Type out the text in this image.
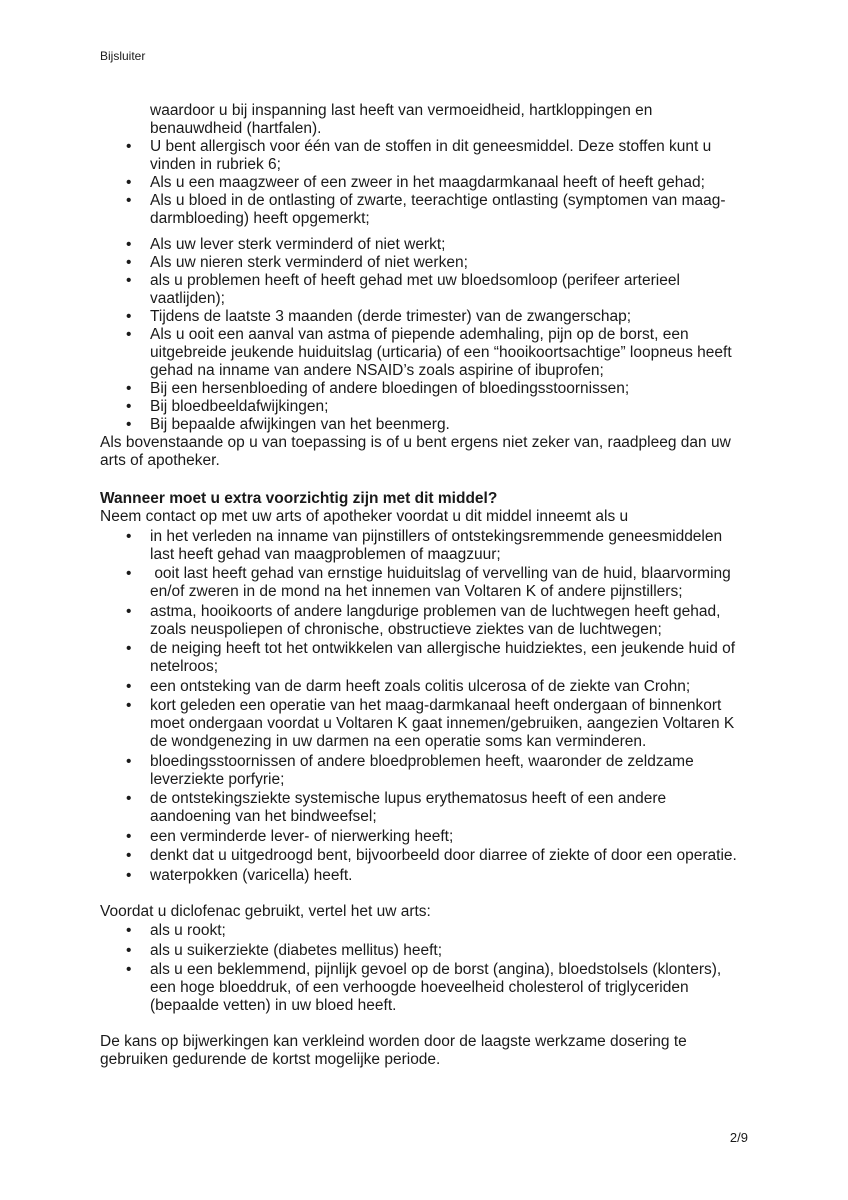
Bijsluiter

waardoor u bij inspanning last heeft van vermoeidheid, hartkloppingen en benauwdheid (hartfalen).

•
U bent allergisch voor één van de stoffen in dit geneesmiddel. Deze stoffen kunt u vinden in rubriek 6;
•
Als u een maagzweer of een zweer in het maagdarmkanaal heeft of heeft gehad;
•
Als u bloed in de ontlasting of zwarte, teerachtige ontlasting (symptomen van maag-darmbloeding) heeft opgemerkt;
•
Als uw lever sterk verminderd of niet werkt;
•
Als uw nieren sterk verminderd of niet werken;
•
als u problemen heeft of heeft gehad met uw bloedsomloop (perifeer arterieel vaatlijden);
•
Tijdens de laatste 3 maanden (derde trimester) van de zwangerschap;
•
Als u ooit een aanval van astma of piepende ademhaling, pijn op de borst, een uitgebreide jeukende huiduitslag (urticaria) of een “hooikoortsachtige” loopneus heeft gehad na inname van andere NSAID’s zoals aspirine of ibuprofen;
•
Bij een hersenbloeding of andere bloedingen of bloedingsstoornissen;
•
Bij bloedbeeldafwijkingen;
•
Bij bepaalde afwijkingen van het beenmerg.

Als bovenstaande op u van toepassing is of u bent ergens niet zeker van, raadpleeg dan uw arts of apotheker.

Wanneer moet u extra voorzichtig zijn met dit middel?

Neem contact op met uw arts of apotheker voordat u dit middel inneemt als u

•
in het verleden na inname van pijnstillers of ontstekingsremmende geneesmiddelen last heeft gehad van maagproblemen of maagzuur;
•
ooit last heeft gehad van ernstige huiduitslag of vervelling van de huid, blaarvorming en/of zweren in de mond na het innemen van Voltaren K of andere pijnstillers;
•
astma, hooikoorts of andere langdurige problemen van de luchtwegen heeft gehad, zoals neuspoliepen of chronische, obstructieve ziektes van de luchtwegen;
•
de neiging heeft tot het ontwikkelen van allergische huidziektes, een jeukende huid of netelroos;
•
een ontsteking van de darm heeft zoals colitis ulcerosa of de ziekte van Crohn;
•
kort geleden een operatie van het maag-darmkanaal heeft ondergaan of binnenkort moet ondergaan voordat u Voltaren K gaat innemen/gebruiken, aangezien Voltaren K de wondgenezing in uw darmen na een operatie soms kan verminderen.
•
bloedingsstoornissen of andere bloedproblemen heeft, waaronder de zeldzame leverziekte porfyrie;
•
de ontstekingsziekte systemische lupus erythematosus heeft of een andere aandoening van het bindweefsel;
•
een verminderde lever- of nierwerking heeft;
•
denkt dat u uitgedroogd bent, bijvoorbeeld door diarree of ziekte of door een operatie.
•
waterpokken (varicella) heeft.

Voordat u diclofenac gebruikt, vertel het uw arts:

•
als u rookt;
•
als u suikerziekte (diabetes mellitus) heeft;
•
als u een beklemmend, pijnlijk gevoel op de borst (angina), bloedstolsels (klonters), een hoge bloeddruk, of een verhoogde hoeveelheid cholesterol of triglyceriden (bepaalde vetten) in uw bloed heeft.

De kans op bijwerkingen kan verkleind worden door de laagste werkzame dosering te gebruiken gedurende de kortst mogelijke periode.

2/9
